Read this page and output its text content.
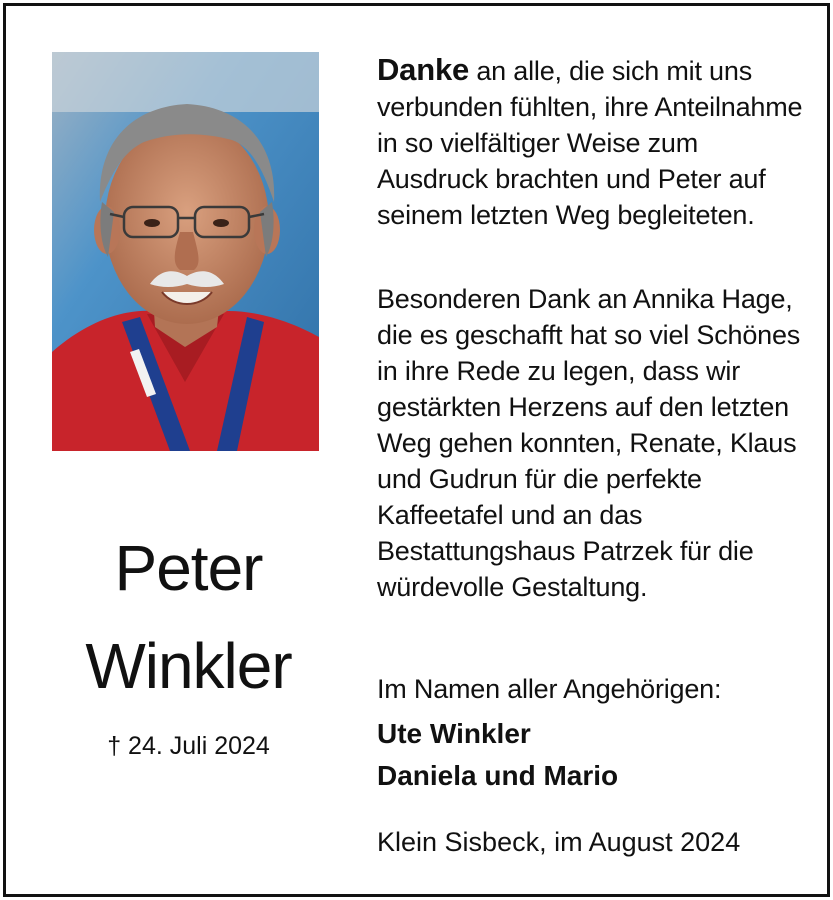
Peter
Winkler
† 24. Juli 2024
Danke an alle, die sich mit uns verbunden fühlten, ihre Anteilnahme in so vielfältiger Weise zum Ausdruck brachten und Peter auf seinem letzten Weg begleiteten.
Besonderen Dank an Annika Hage, die es geschafft hat so viel Schönes in ihre Rede zu legen, dass wir gestärkten Herzens auf den letzten Weg gehen konnten, Renate, Klaus und Gudrun für die perfekte Kaffeetafel und an das Bestattungshaus Patrzek für die würdevolle Gestaltung.
Im Namen aller Angehörigen:
Ute Winkler
Daniela und Mario
Klein Sisbeck, im August 2024
